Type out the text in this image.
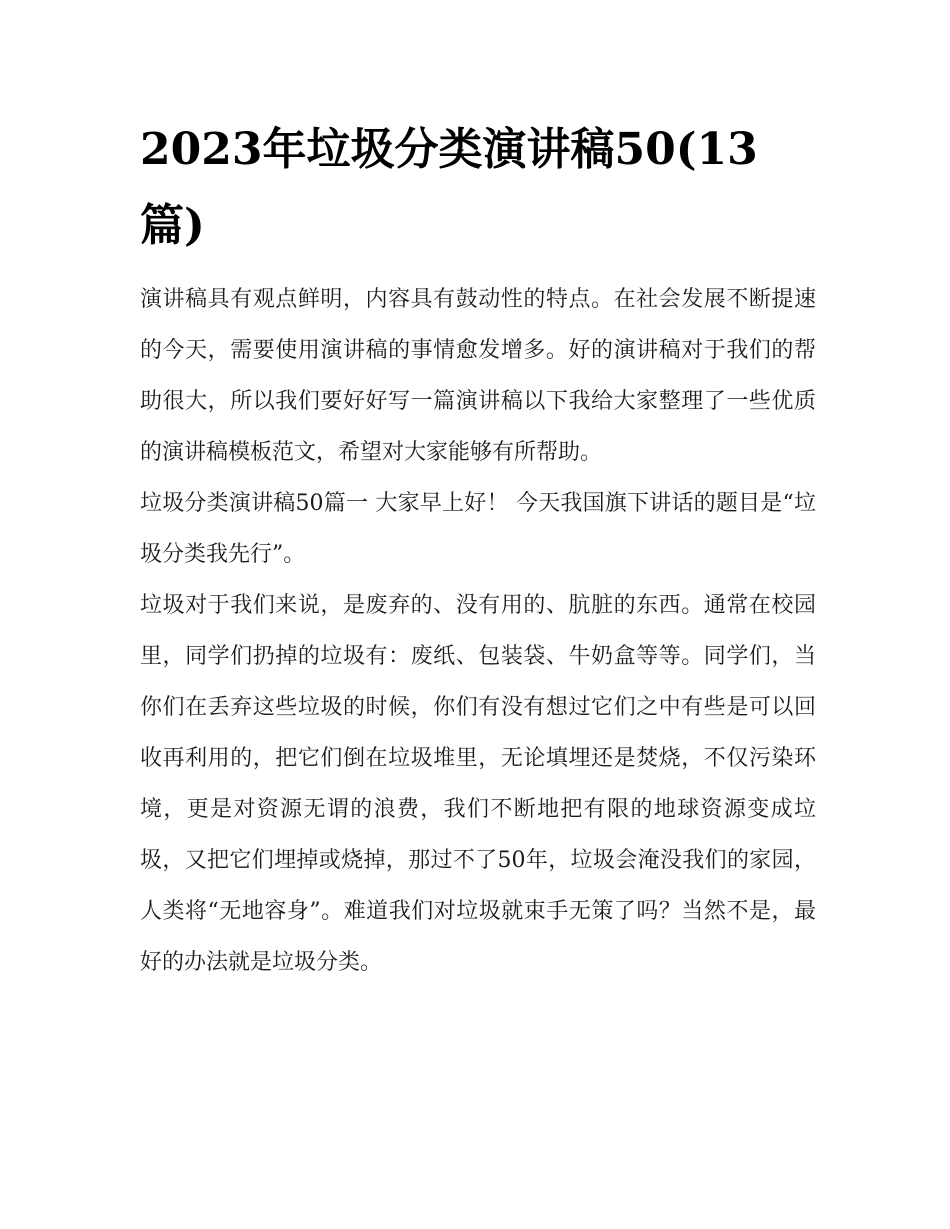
2023年垃圾分类演讲稿50(13篇)

演讲稿具有观点鲜明，内容具有鼓动性的特点。在社会发展不断提速的今天，需要使用演讲稿的事情愈发增多。好的演讲稿对于我们的帮助很大，所以我们要好好写一篇演讲稿以下我给大家整理了一些优质的演讲稿模板范文，希望对大家能够有所帮助。

垃圾分类演讲稿50篇一 大家早上好！ 今天我国旗下讲话的题目是“垃圾分类我先行”。

垃圾对于我们来说，是废弃的、没有用的、肮脏的东西。通常在校园里，同学们扔掉的垃圾有：废纸、包装袋、牛奶盒等等。同学们，当你们在丢弃这些垃圾的时候，你们有没有想过它们之中有些是可以回收再利用的，把它们倒在垃圾堆里，无论填埋还是焚烧，不仅污染环境，更是对资源无谓的浪费，我们不断地把有限的地球资源变成垃圾，又把它们埋掉或烧掉，那过不了50年，垃圾会淹没我们的家园，人类将“无地容身”。难道我们对垃圾就束手无策了吗？当然不是，最好的办法就是垃圾分类。
